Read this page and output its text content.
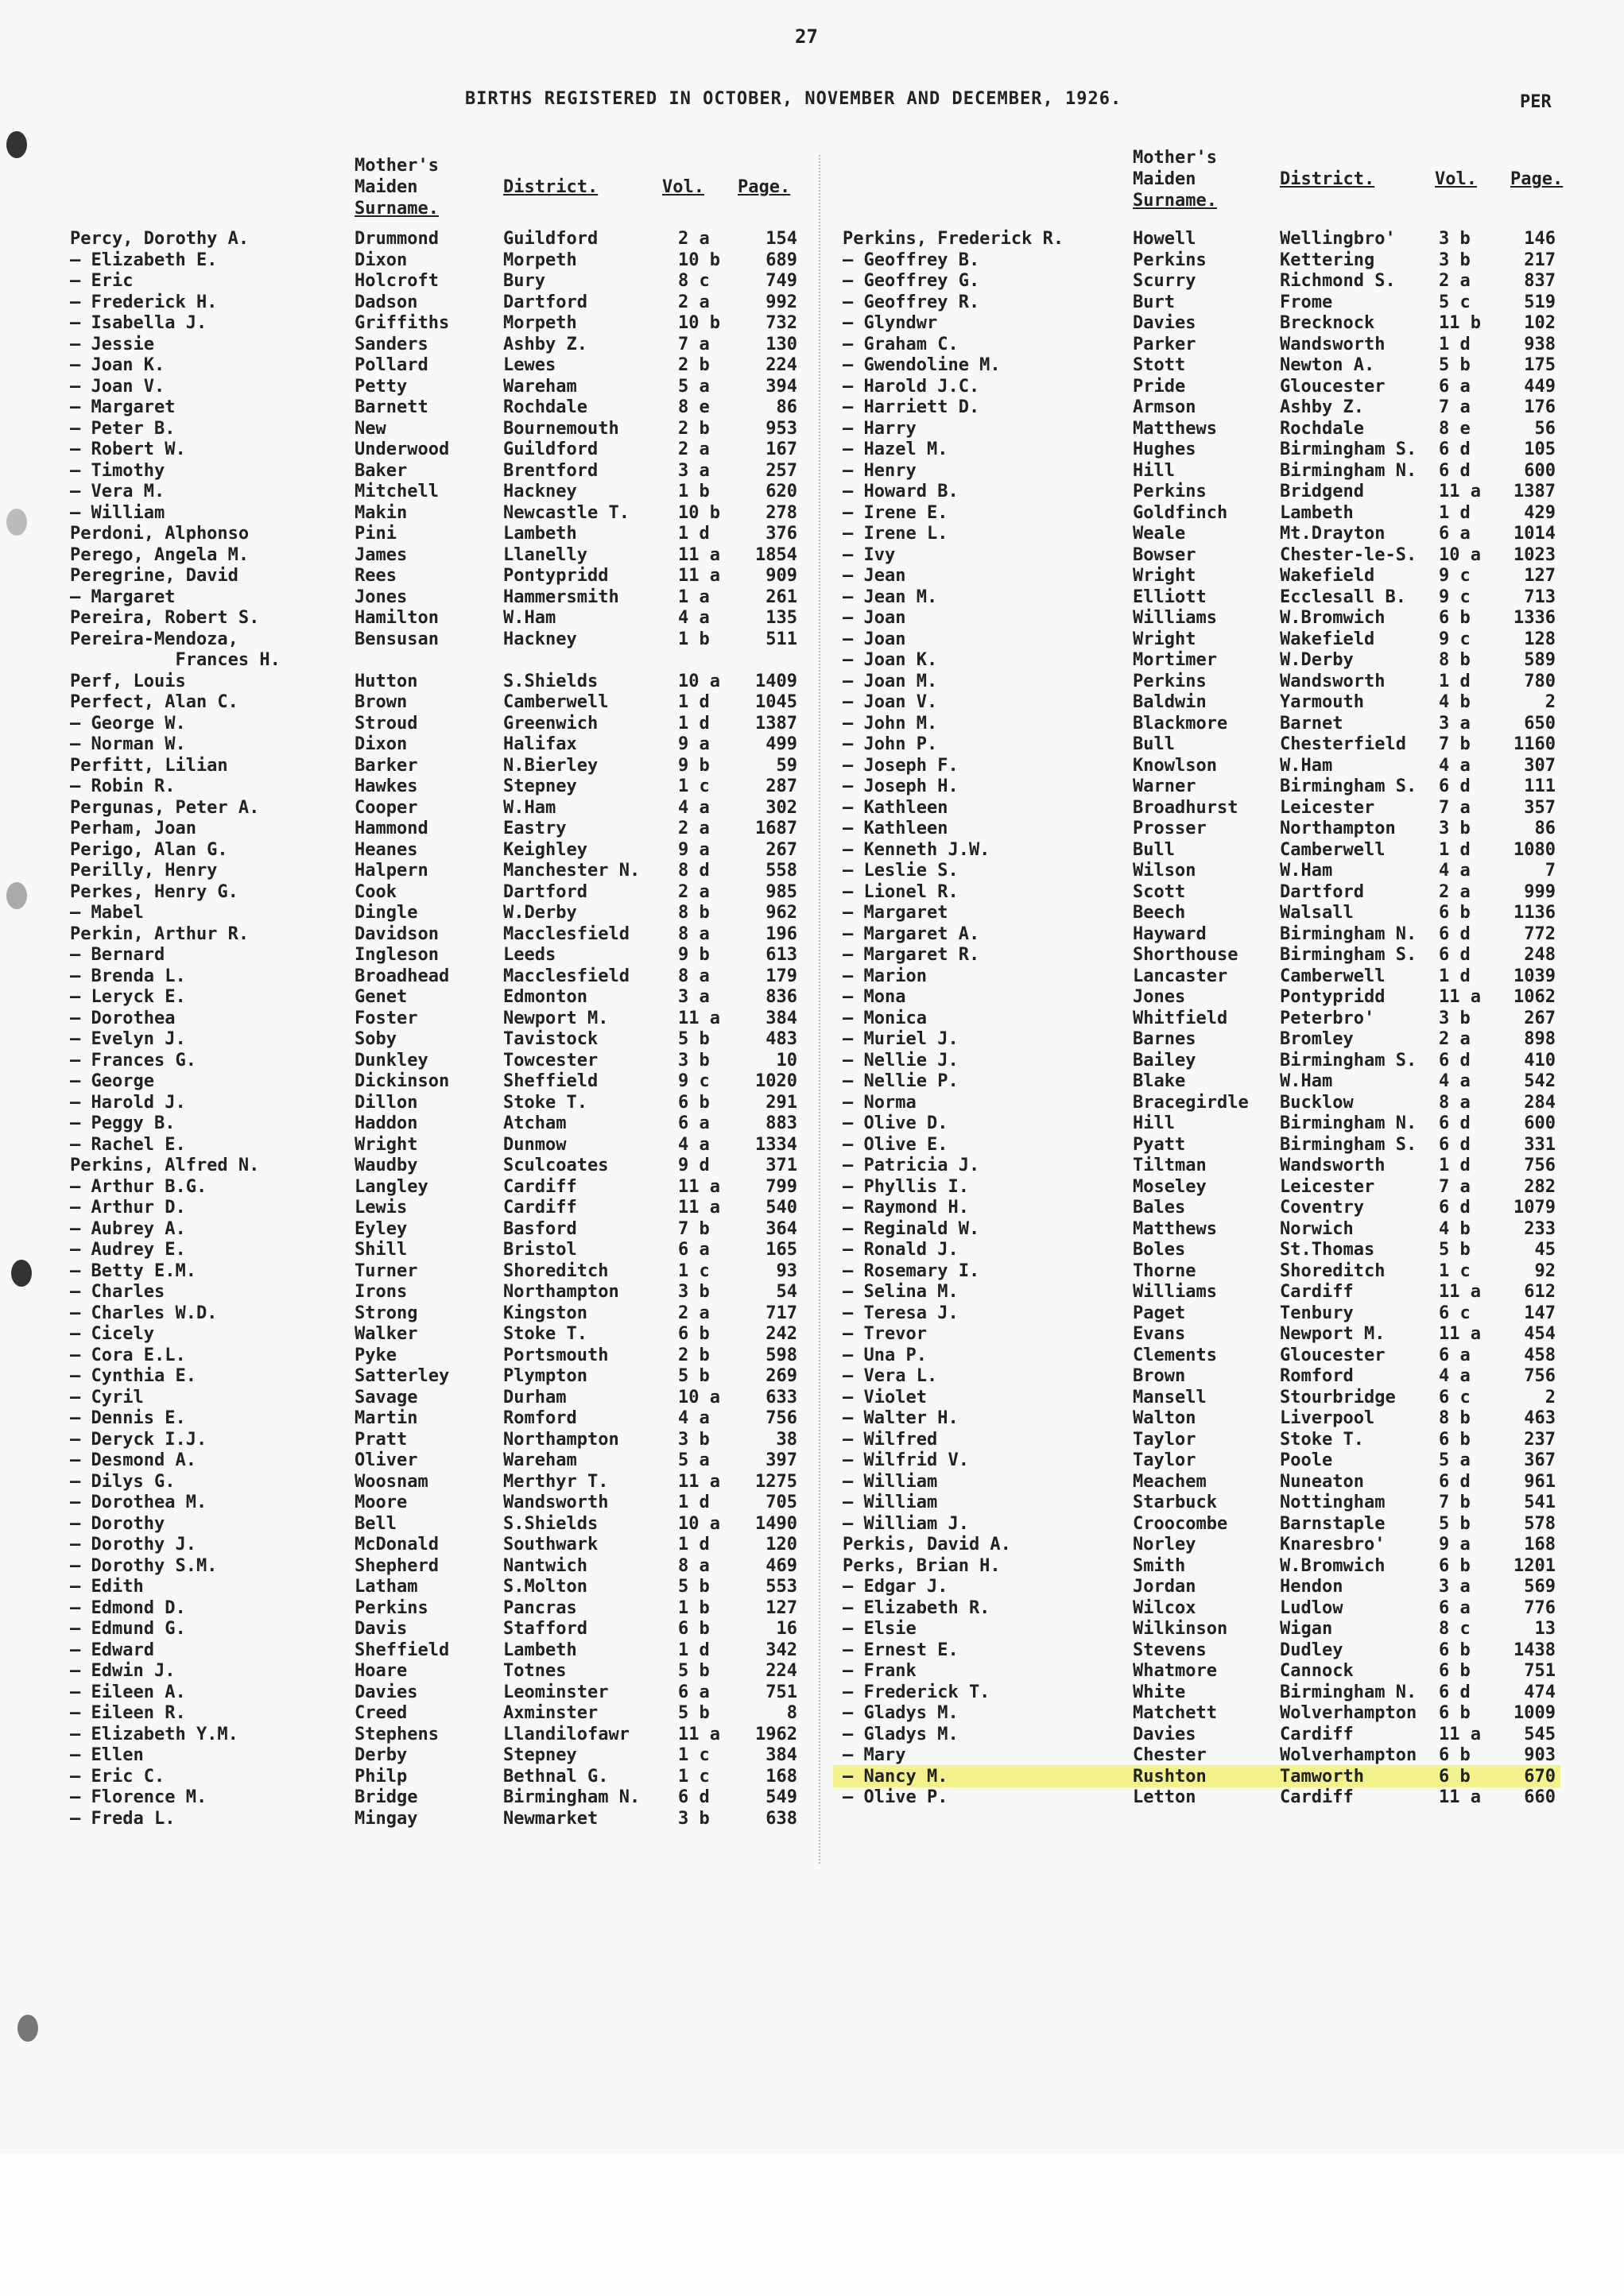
27
BIRTHS REGISTERED IN OCTOBER, NOVEMBER AND DECEMBER, 1926.	PER
Mother's
Maiden
Surname.
District.	Vol. Page.
Percy, Dorothy A.	Drummond	Guildford	2 a	154
— Elizabeth E.	Dixon	Morpeth	10 b	689
— Eric	Holcroft	Bury	8 c	749
— Frederick H.	Dadson	Dartford	2 a	992
— Isabella J.	Griffiths	Morpeth	10 b	732
— Jessie	Sanders	Ashby Z.	7 a	130
— Joan K.	Pollard	Lewes	2 b	224
— Joan V.	Petty	Wareham	5 a	394
— Margaret	Barnett	Rochdale	8 e	86
— Peter B.	New	Bournemouth	2 b	953
— Robert W.	Underwood	Guildford	2 a	167
— Timothy	Baker	Brentford	3 a	257
— Vera M.	Mitchell	Hackney	1 b	620
— William	Makin	Newcastle T.	10 b	278
Perdoni, Alphonso	Pini	Lambeth	1 d	376
Perego, Angela M.	James	Llanelly	11 a	1854
Peregrine, David	Rees	Pontypridd	11 a	909
— Margaret	Jones	Hammersmith	1 a	261
Pereira, Robert S.	Hamilton	W.Ham	4 a	135
Pereira-Mendoza,	Bensusan	Hackney	1 b	511
Frances H.
Perf, Louis	Hutton	S.Shields	10 a	1409
Perfect, Alan C.	Brown	Camberwell	1 d	1045
— George W.	Stroud	Greenwich	1 d	1387
— Norman W.	Dixon	Halifax	9 a	499
Perfitt, Lilian	Barker	N.Bierley	9 b	59
— Robin R.	Hawkes	Stepney	1 c	287
Pergunas, Peter A.	Cooper	W.Ham	4 a	302
Perham, Joan	Hammond	Eastry	2 a	1687
Perigo, Alan G.	Heanes	Keighley	9 a	267
Perilly, Henry	Halpern	Manchester N. 8 d	558
Perkes, Henry G.	Cook	Dartford	2 a	985
— Mabel	Dingle	W.Derby	8 b	962
Perkin, Arthur R.	Davidson	Macclesfield	8 a	196
— Bernard	Ingleson	Leeds	9 b	613
— Brenda L.	Broadhead	Macclesfield	8 a	179
— Leryck E.	Genet	Edmonton	3 a	836
— Dorothea	Foster	Newport M.	11 a	384
— Evelyn J.	Soby	Tavistock	5 b	483
— Frances G.	Dunkley	Towcester	3 b	10
— George	Dickinson	Sheffield	9 c	1020
— Harold J.	Dillon	Stoke T.	6 b	291
— Peggy B.	Haddon	Atcham	6 a	883
— Rachel E.	Wright	Dunmow	4 a	1334
Perkins, Alfred N.	Waudby	Sculcoates	9 d	371
— Arthur B.G.	Langley	Cardiff	11 a	799
— Arthur D.	Lewis	Cardiff	11 a	540
— Aubrey A.	Eyley	Basford	7 b	364
— Audrey E.	Shill	Bristol	6 a	165
— Betty E.M.	Turner	Shoreditch	1 c	93
— Charles	Irons	Northampton	3 b	54
— Charles W.D.	Strong	Kingston	2 a	717
— Cicely	Walker	Stoke T.	6 b	242
— Cora E.L.	Pyke	Portsmouth	2 b	598
— Cynthia E.	Satterley	Plympton	5 b	269
— Cyril	Savage	Durham	10 a	633
— Dennis E.	Martin	Romford	4 a	756
— Deryck I.J.	Pratt	Northampton	3 b	38
— Desmond A.	Oliver	Wareham	5 a	397
— Dilys G.	Woosnam	Merthyr T.	11 a	1275
— Dorothea M.	Moore	Wandsworth	1 d	705
— Dorothy	Bell	S.Shields	10 a	1490
— Dorothy J.	McDonald	Southwark	1 d	120
— Dorothy S.M.	Shepherd	Nantwich	8 a	469
— Edith	Latham	S.Molton	5 b	553
— Edmond D.	Perkins	Pancras	1 b	127
— Edmund G.	Davis	Stafford	6 b	16
— Edward	Sheffield	Lambeth	1 d	342
— Edwin J.	Hoare	Totnes	5 b	224
— Eileen A.	Davies	Leominster	6 a	751
— Eileen R.	Creed	Axminster	5 b	8
— Elizabeth Y.M.	Stephens	Llandilofawr	11 a	1962
— Ellen	Derby	Stepney	1 c	384
— Eric C.	Philp	Bethnal G.	1 c	168
— Florence M.	Bridge	Birmingham N. 6 d	549
— Freda L.	Mingay	Newmarket	3 b	638
Mother's
Maiden
Surname.
District.	Vol. Page.
Perkins, Frederick R.	Howell	Wellingbro' 3 b	146
— Geoffrey B.	Perkins	Kettering	3 b	217
— Geoffrey G.	Scurry	Richmond S. 2 a	837
— Geoffrey R.	Burt	Frome	5 c	519
— Glyndwr	Davies	Brecknock	11 b	102
— Graham C.	Parker	Wandsworth	1 d	938
— Gwendoline M.	Stott	Newton A.	5 b	175
— Harold J.C.	Pride	Gloucester	6 a	449
— Harriett D.	Armson	Ashby Z.	7 a	176
— Harry	Matthews	Rochdale	8 e	56
— Hazel M.	Hughes	Birmingham S. 6 d	105
— Henry	Hill	Birmingham N. 6 d	600
— Howard B.	Perkins	Bridgend	11 a	1387
— Irene E.	Goldfinch	Lambeth	1 d	429
— Irene L.	Weale	Mt.Drayton	6 a	1014
— Ivy	Bowser	Chester-le-S. 10 a	1023
— Jean	Wright	Wakefield	9 c	127
— Jean M.	Elliott	Ecclesall B. 9 c	713
— Joan	Williams	W.Bromwich	6 b	1336
— Joan	Wright	Wakefield	9 c	128
— Joan K.	Mortimer	W.Derby	8 b	589
— Joan M.	Perkins	Wandsworth	1 d	780
— Joan V.	Baldwin	Yarmouth	4 b	2
— John M.	Blackmore	Barnet	3 a	650
— John P.	Bull	Chesterfield 7 b	1160
— Joseph F.	Knowlson	W.Ham	4 a	307
— Joseph H.	Warner	Birmingham S. 6 d	111
— Kathleen	Broadhurst Leicester	7 a	357
— Kathleen	Prosser	Northampton 3 b	86
— Kenneth J.W.	Bull	Camberwell	1 d	1080
— Leslie S.	Wilson	W.Ham	4 a	7
— Lionel R.	Scott	Dartford	2 a	999
— Margaret	Beech	Walsall	6 b	1136
— Margaret A.	Hayward	Birmingham N. 6 d	772
— Margaret R.	Shorthouse Birmingham S. 6 d	248
— Marion	Lancaster	Camberwell	1 d	1039
— Mona	Jones	Pontypridd	11 a	1062
— Monica	Whitfield	Peterbro'	3 b	267
— Muriel J.	Barnes	Bromley	2 a	898
— Nellie J.	Bailey	Birmingham S. 6 d	410
— Nellie P.	Blake	W.Ham	4 a	542
— Norma	Bracegirdle Bucklow	8 a	284
— Olive D.	Hill	Birmingham N. 6 d	600
— Olive E.	Pyatt	Birmingham S. 6 d	331
— Patricia J.	Tiltman	Wandsworth	1 d	756
— Phyllis I.	Moseley	Leicester	7 a	282
— Raymond H.	Bales	Coventry	6 d	1079
— Reginald W.	Matthews	Norwich	4 b	233
— Ronald J.	Boles	St.Thomas	5 b	45
— Rosemary I.	Thorne	Shoreditch	1 c	92
— Selina M.	Williams	Cardiff	11 a	612
— Teresa J.	Paget	Tenbury	6 c	147
— Trevor	Evans	Newport M.	11 a	454
— Una P.	Clements	Gloucester	6 a	458
— Vera L.	Brown	Romford	4 a	756
— Violet	Mansell	Stourbridge 6 c	2
— Walter H.	Walton	Liverpool	8 b	463
— Wilfred	Taylor	Stoke T.	6 b	237
— Wilfrid V.	Taylor	Poole	5 a	367
— William	Meachem	Nuneaton	6 d	961
— William	Starbuck	Nottingham	7 b	541
— William J.	Croocombe	Barnstaple	5 b	578
Perkis, David A.	Norley	Knaresbro'	9 a	168
Perks, Brian H.	Smith	W.Bromwich	6 b	1201
— Edgar J.	Jordan	Hendon	3 a	569
— Elizabeth R.	Wilcox	Ludlow	6 a	776
— Elsie	Wilkinson	Wigan	8 c	13
— Ernest E.	Stevens	Dudley	6 b	1438
— Frank	Whatmore	Cannock	6 b	751
— Frederick T.	White	Birmingham N. 6 d	474
— Gladys M.	Matchett	Wolverhampton 6 b	1009
— Gladys M.	Davies	Cardiff	11 a	545
— Mary	Chester	Wolverhampton 6 b	903
— Nancy M.	Rushton	Tamworth	6 b	670
— Olive P.	Letton	Cardiff	11 a	660
